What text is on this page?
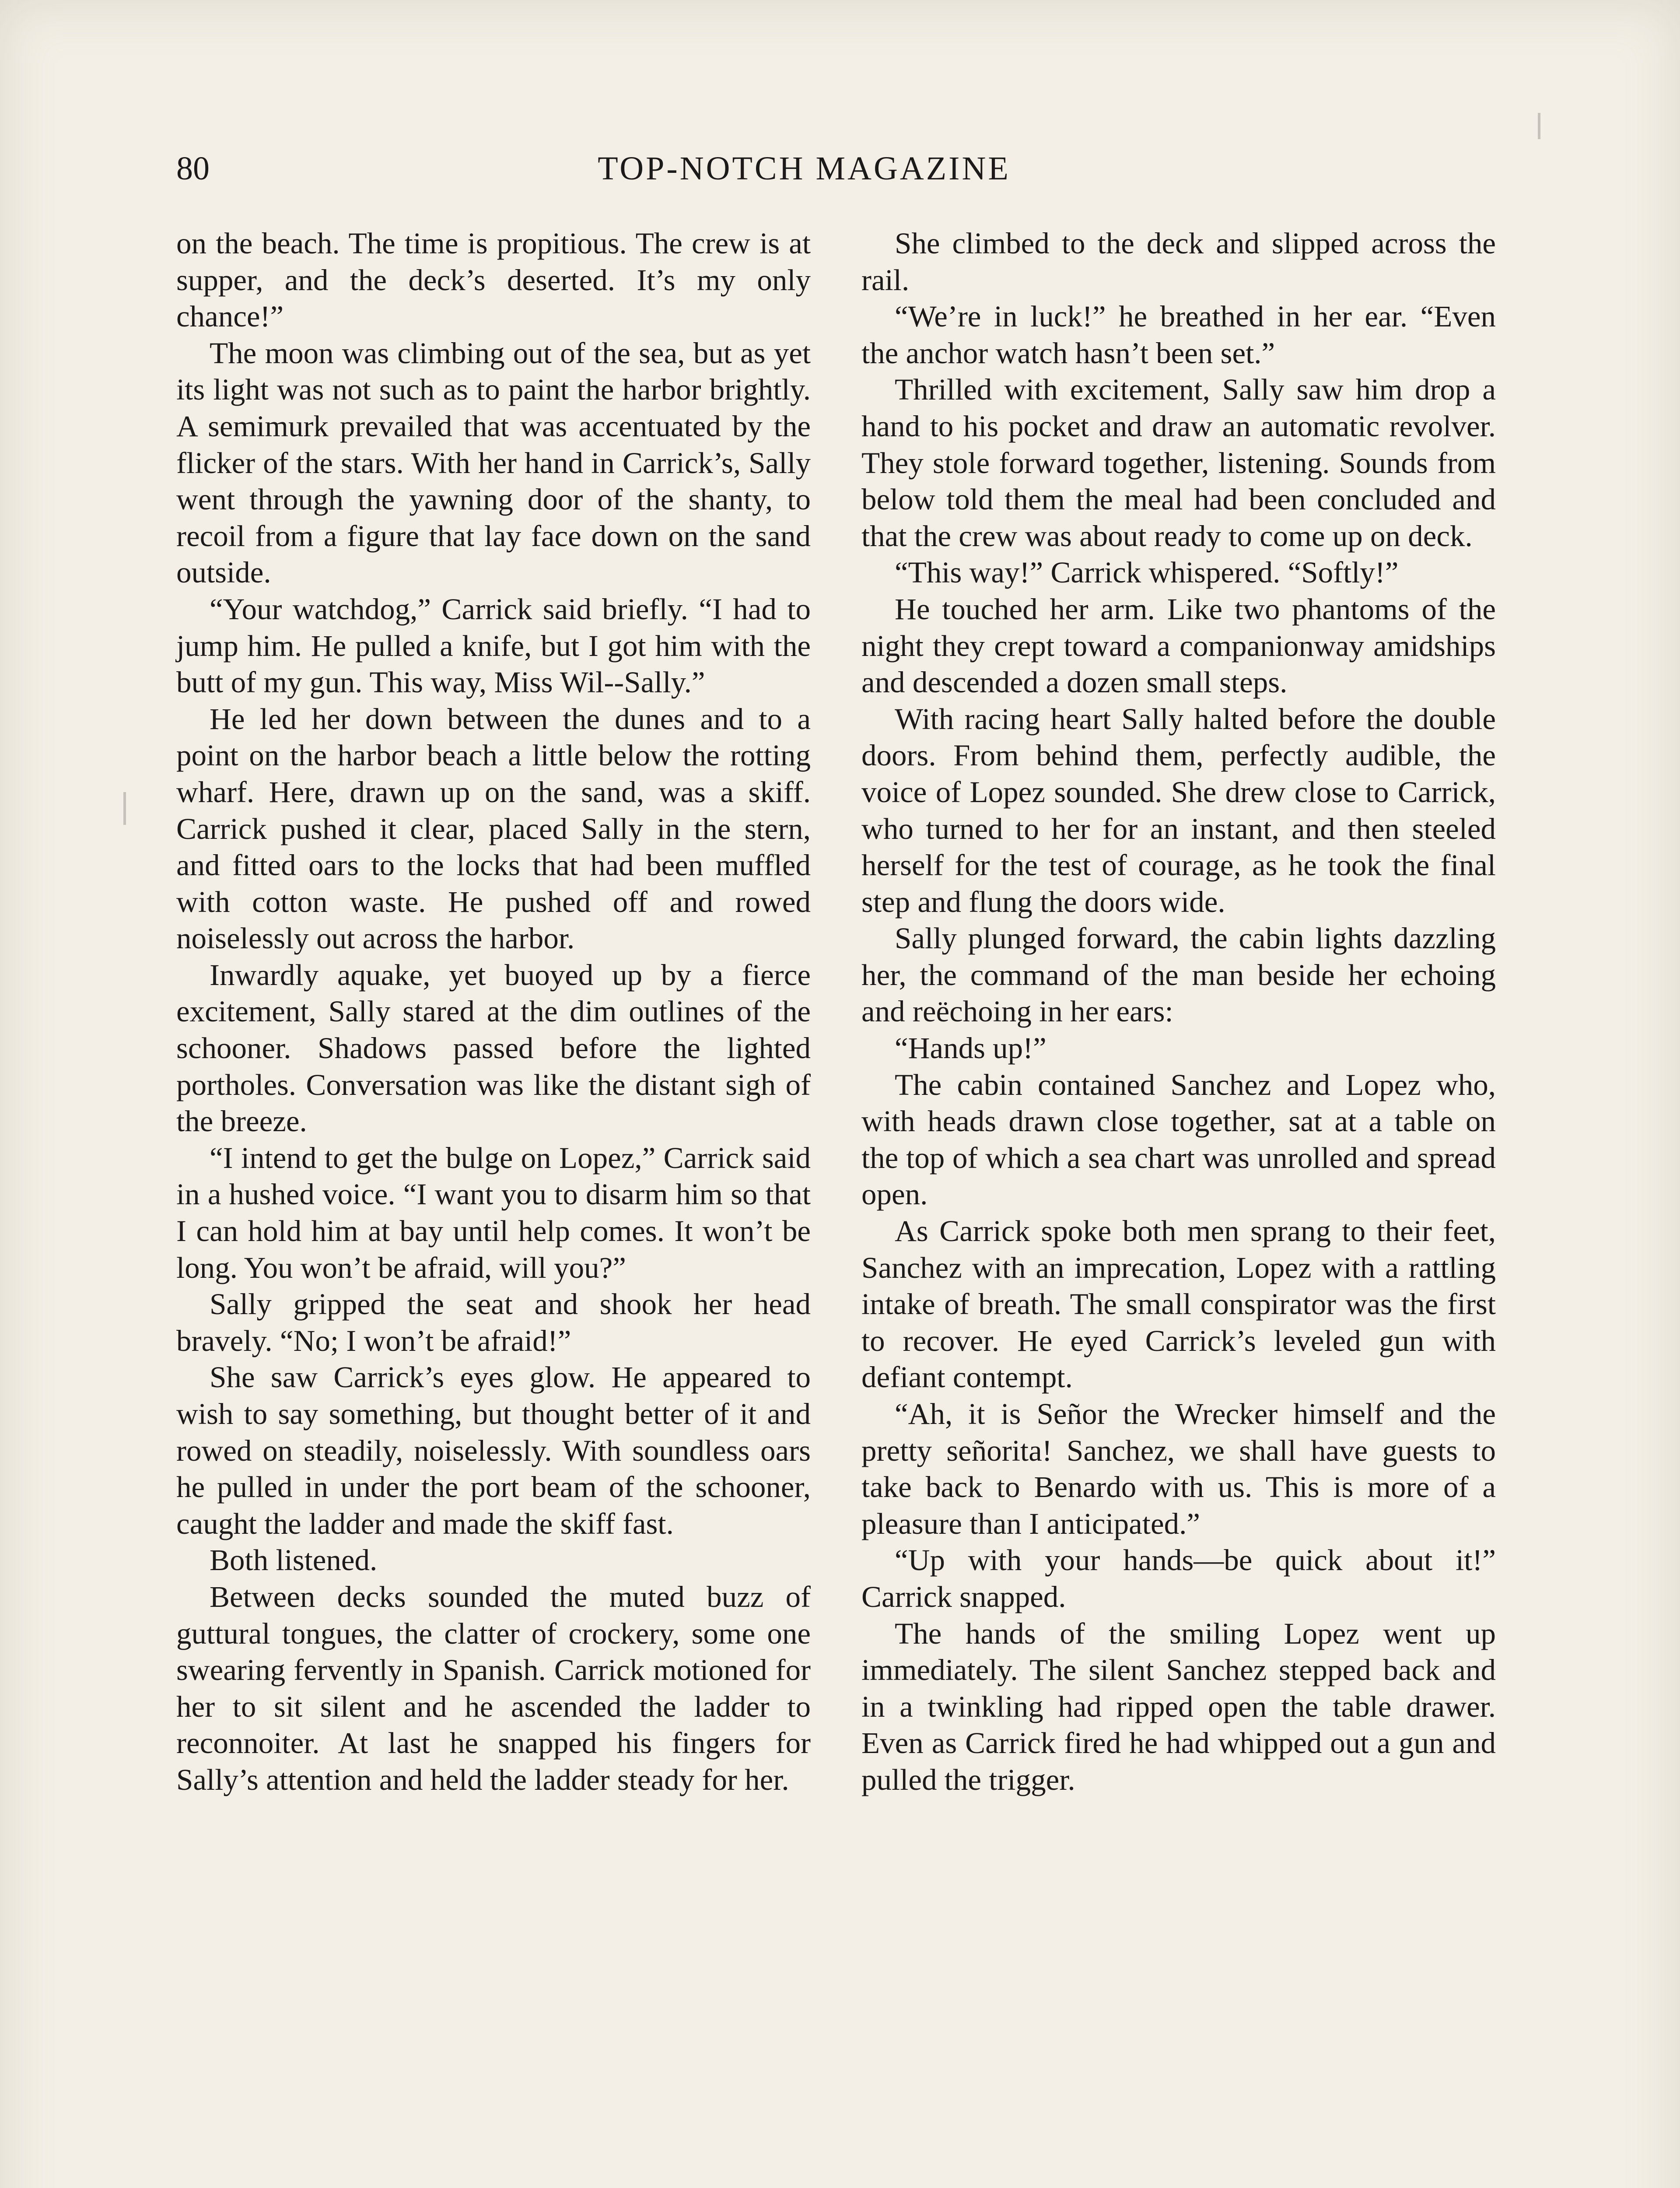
80	TOP-NOTCH MAGAZINE

on the beach. The time is propitious. The crew is at supper, and the deck’s deserted. It’s my only chance!”

The moon was climbing out of the sea, but as yet its light was not such as to paint the harbor brightly. A semimurk prevailed that was accentuated by the flicker of the stars. With her hand in Carrick’s, Sally went through the yawning door of the shanty, to recoil from a figure that lay face down on the sand outside.

“Your watchdog,” Carrick said briefly. “I had to jump him. He pulled a knife, but I got him with the butt of my gun. This way, Miss Wil--Sally.”

He led her down between the dunes and to a point on the harbor beach a little below the rotting wharf. Here, drawn up on the sand, was a skiff. Carrick pushed it clear, placed Sally in the stern, and fitted oars to the locks that had been muffled with cotton waste. He pushed off and rowed noiselessly out across the harbor.

Inwardly aquake, yet buoyed up by a fierce excitement, Sally stared at the dim outlines of the schooner. Shadows passed before the lighted portholes. Conversation was like the distant sigh of the breeze.

“I intend to get the bulge on Lopez,” Carrick said in a hushed voice. “I want you to disarm him so that I can hold him at bay until help comes. It won’t be long. You won’t be afraid, will you?”

Sally gripped the seat and shook her head bravely. “No; I won’t be afraid!”

She saw Carrick’s eyes glow. He appeared to wish to say something, but thought better of it and rowed on steadily, noiselessly. With soundless oars he pulled in under the port beam of the schooner, caught the ladder and made the skiff fast.

Both listened.

Between decks sounded the muted buzz of guttural tongues, the clatter of crockery, some one swearing fervently in Spanish. Carrick motioned for her to sit silent and he ascended the ladder to reconnoiter. At last he snapped his fingers for Sally’s attention and held the ladder steady for her.

She climbed to the deck and slipped across the rail.

“We’re in luck!” he breathed in her ear. “Even the anchor watch hasn’t been set.”

Thrilled with excitement, Sally saw him drop a hand to his pocket and draw an automatic revolver. They stole forward together, listening. Sounds from below told them the meal had been concluded and that the crew was about ready to come up on deck.

“This way!” Carrick whispered. “Softly!”

He touched her arm. Like two phantoms of the night they crept toward a companionway amidships and descended a dozen small steps.

With racing heart Sally halted before the double doors. From behind them, perfectly audible, the voice of Lopez sounded. She drew close to Carrick, who turned to her for an instant, and then steeled herself for the test of courage, as he took the final step and flung the doors wide.

Sally plunged forward, the cabin lights dazzling her, the command of the man beside her echoing and reëchoing in her ears:

“Hands up!”

The cabin contained Sanchez and Lopez who, with heads drawn close together, sat at a table on the top of which a sea chart was unrolled and spread open.

As Carrick spoke both men sprang to their feet, Sanchez with an imprecation, Lopez with a rattling intake of breath. The small conspirator was the first to recover. He eyed Carrick’s leveled gun with defiant contempt.

“Ah, it is Señor the Wrecker himself and the pretty señorita! Sanchez, we shall have guests to take back to Benardo with us. This is more of a pleasure than I anticipated.”

“Up with your hands—be quick about it!” Carrick snapped.

The hands of the smiling Lopez went up immediately. The silent Sanchez stepped back and in a twinkling had ripped open the table drawer. Even as Carrick fired he had whipped out a gun and pulled the trigger.
